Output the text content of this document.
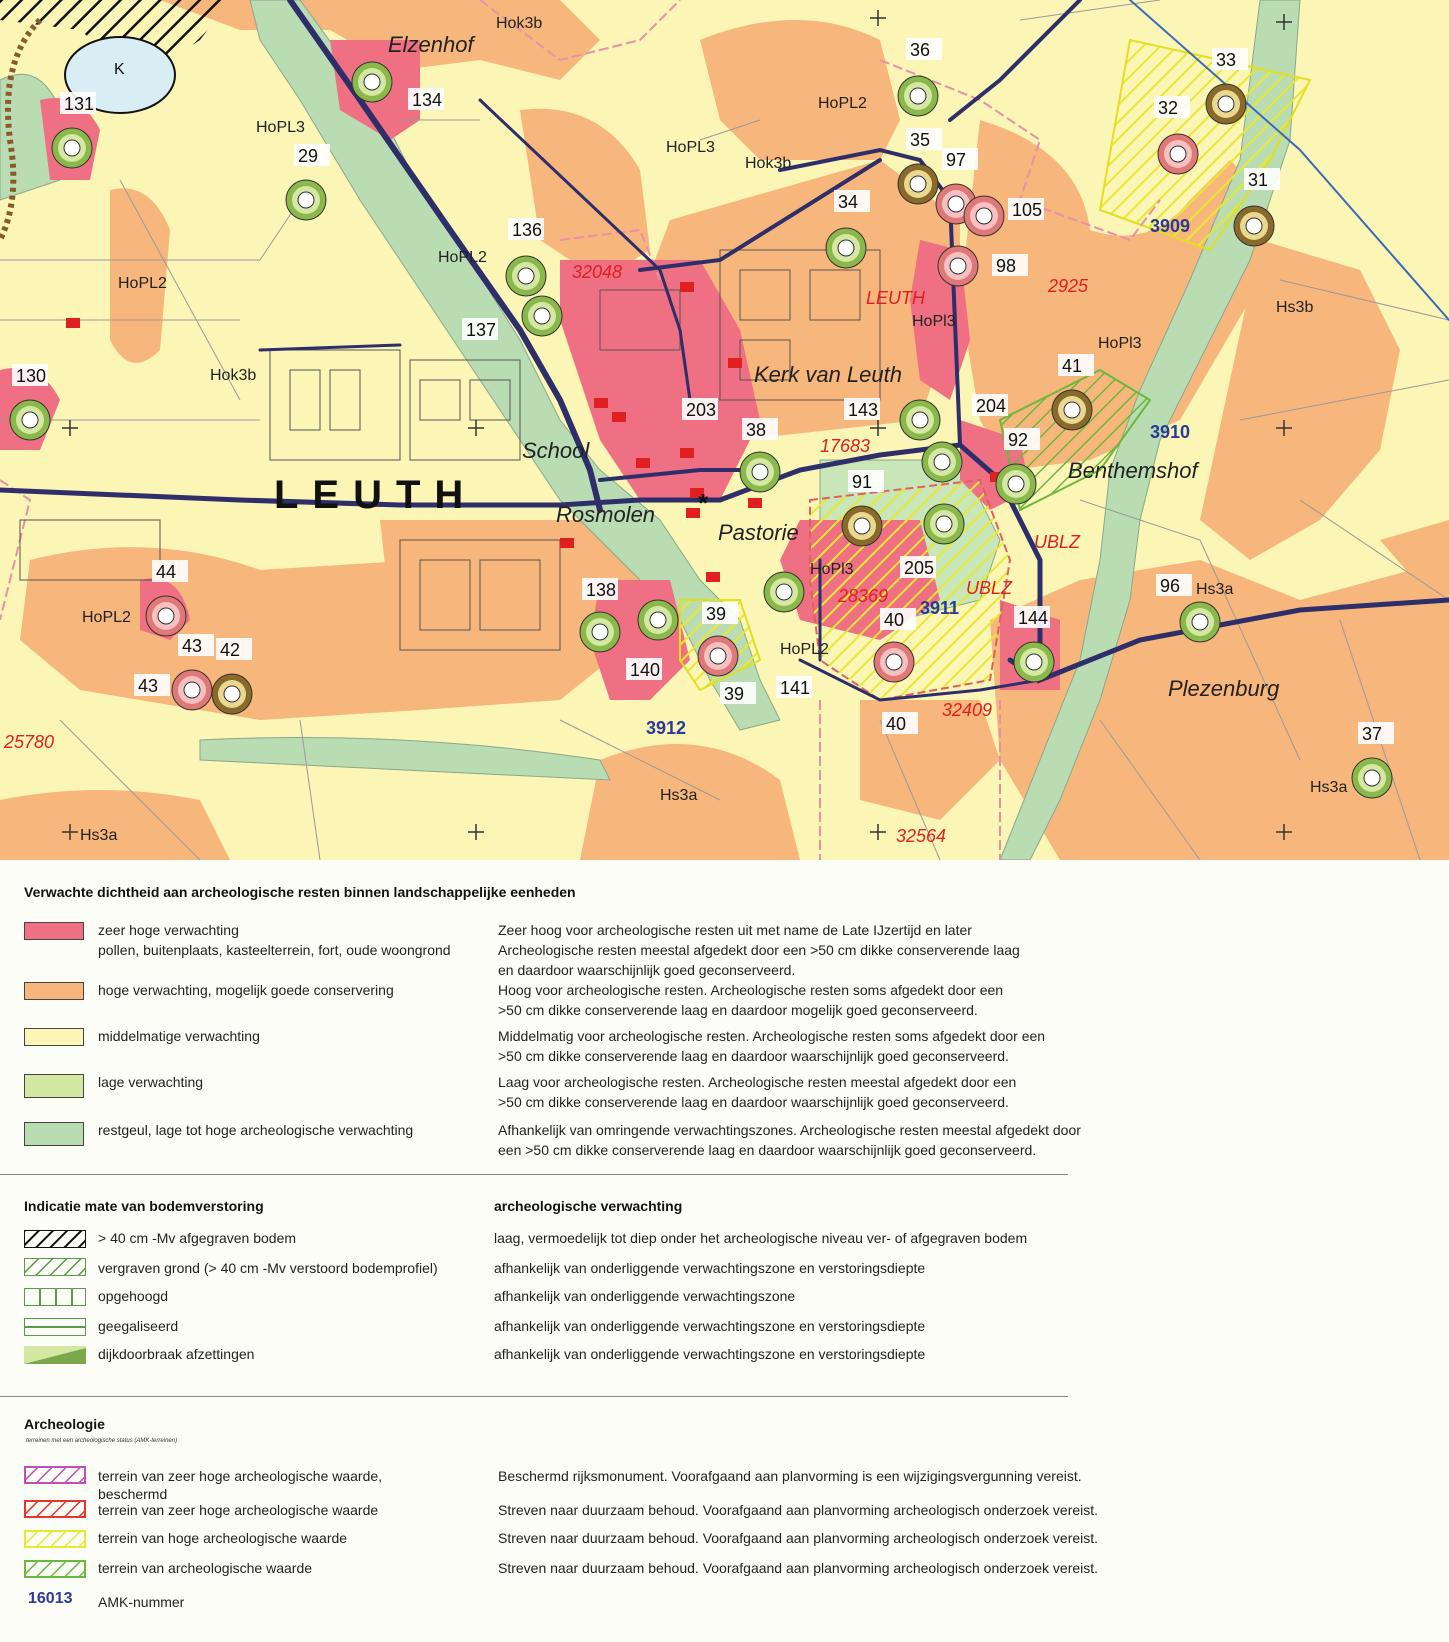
*
131	134
29
36	33
32
35
97
105
31
34
98
136
137
130
203
38
143	204
41
92
91
205
44
43
43
42
138
140
39
39 141
40
40
144
96
37
LEUTH
Elzenhof
Kerk van Leuth
School
Rosmolen
Pastorie
Benthemshof
Plezenburg
K
HoPL2
HoPL3
Hok3b
HoPL2
HoPL3
Hok3b
HoPL2
Hok3b
HoPL2
HoPl3
Hs3b
HoPl3
HoPL2
Hs3a
Hs3a	Hs3a
Hs3a
HoPl3
32048
2925
LEUTH
17683
UBLZ
UBLZ
28369
32409
25780
32564
3909
3910
3911
3912
Verwachte dichtheid aan archeologische resten binnen landschappelijke eenheden
zeer hoge verwachting
pollen, buitenplaats, kasteelterrein, fort, oude woongrond
Zeer hoog voor archeologische resten uit met name de Late IJzertijd en later
Archeologische resten meestal afgedekt door een >50 cm dikke conserverende laag
en daardoor waarschijnlijk goed geconserveerd.
hoge verwachting, mogelijk goede conservering	Hoog voor archeologische resten. Archeologische resten soms afgedekt door een
>50 cm dikke conserverende laag en daardoor mogelijk goed geconserveerd.
middelmatige verwachting	Middelmatig voor archeologische resten. Archeologische resten soms afgedekt door een
>50 cm dikke conserverende laag en daardoor waarschijnlijk goed geconserveerd.
lage verwachting	Laag voor archeologische resten. Archeologische resten meestal afgedekt door een
>50 cm dikke conserverende laag en daardoor waarschijnlijk goed geconserveerd.
restgeul, lage tot hoge archeologische verwachting	Afhankelijk van omringende verwachtingszones. Archeologische resten meestal afgedekt door
een >50 cm dikke conserverende laag en daardoor waarschijnlijk goed geconserveerd.
Indicatie mate van bodemverstoring	archeologische verwachting
> 40 cm -Mv afgegraven bodem	laag, vermoedelijk tot diep onder het archeologische niveau ver- of afgegraven bodem
vergraven grond (> 40 cm -Mv verstoord bodemprofiel)	afhankelijk van onderliggende verwachtingszone en verstoringsdiepte
opgehoogd	afhankelijk van onderliggende verwachtingszone
geegaliseerd	afhankelijk van onderliggende verwachtingszone en verstoringsdiepte
dijkdoorbraak afzettingen	afhankelijk van onderliggende verwachtingszone en verstoringsdiepte
Archeologie
terreinen met een archeologische status (AMK-terreinen)
terrein van zeer hoge archeologische waarde,
beschermd
Beschermd rijksmonument. Voorafgaand aan planvorming is een wijzigingsvergunning vereist.
terrein van zeer hoge archeologische waarde	Streven naar duurzaam behoud. Voorafgaand aan planvorming archeologisch onderzoek vereist.
terrein van hoge archeologische waarde	Streven naar duurzaam behoud. Voorafgaand aan planvorming archeologisch onderzoek vereist.
terrein van archeologische waarde	Streven naar duurzaam behoud. Voorafgaand aan planvorming archeologisch onderzoek vereist.
16013 AMK-nummer
